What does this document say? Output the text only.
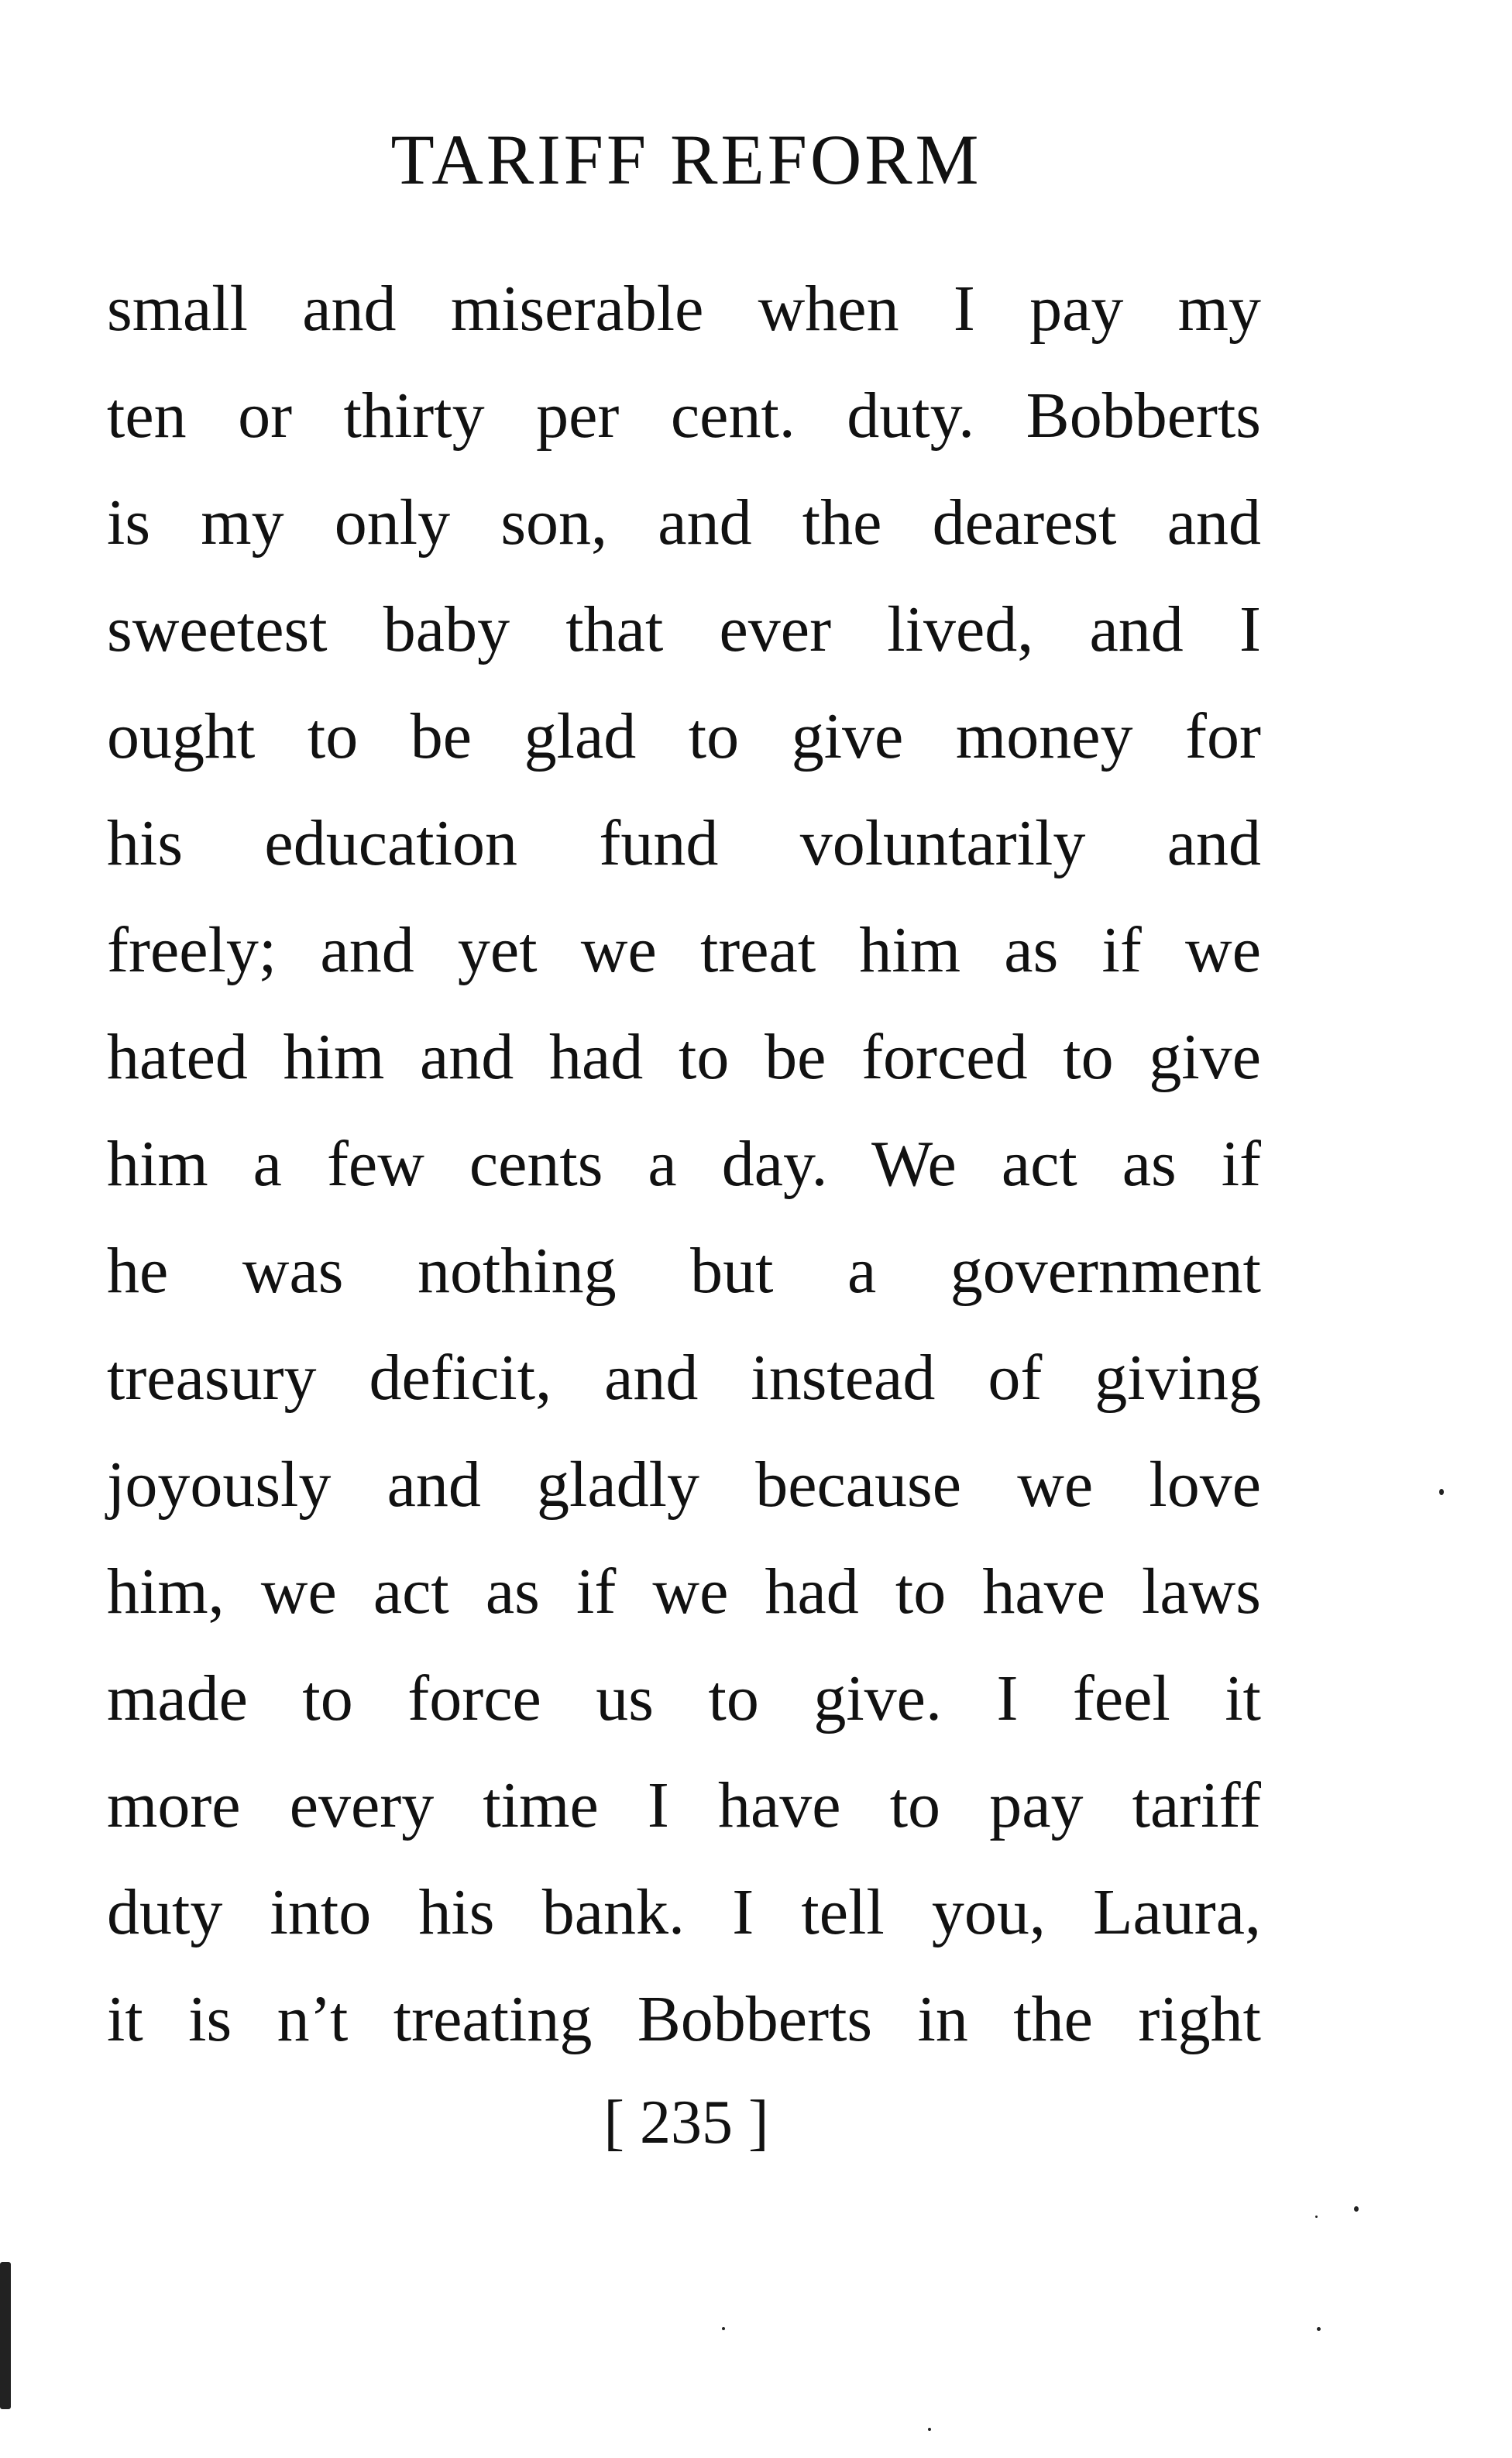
TARIFF REFORM
small and miserable when I pay my
ten or thirty per cent. duty. Bobberts
is my only son, and the dearest and
sweetest baby that ever lived, and I
ought to be glad to give money for
his education fund voluntarily and
freely; and yet we treat him as if we
hated him and had to be forced to give
him a few cents a day. We act as if
he was nothing but a government
treasury deficit, and instead of giving
joyously and gladly because we love
him, we act as if we had to have laws
made to force us to give. I feel it
more every time I have to pay tariff
duty into his bank. I tell you, Laura,
it is n’t treating Bobberts in the right
[ 235 ]
